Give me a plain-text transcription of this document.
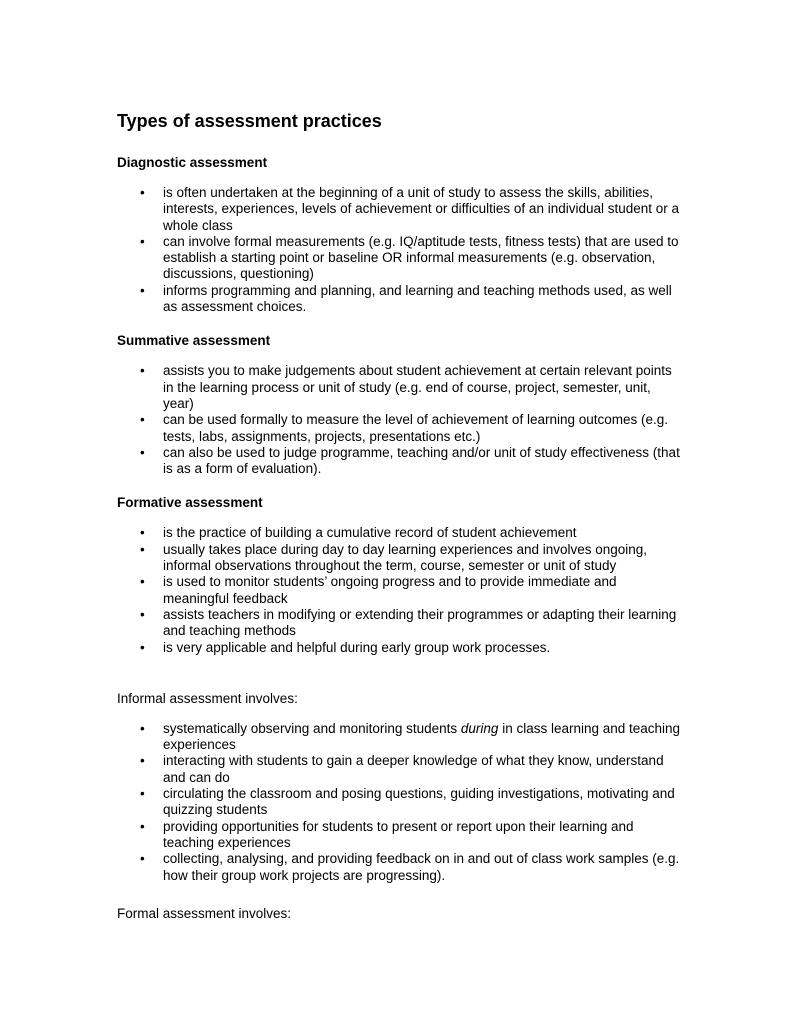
Types of assessment practices
Diagnostic assessment
• is often undertaken at the beginning of a unit of study to assess the skills, abilities, interests, experiences, levels of achievement or difficulties of an individual student or a whole class
• can involve formal measurements (e.g. IQ/aptitude tests, fitness tests) that are used to establish a starting point or baseline OR informal measurements (e.g. observation, discussions, questioning)
• informs programming and planning, and learning and teaching methods used, as well as assessment choices.
Summative assessment
• assists you to make judgements about student achievement at certain relevant points in the learning process or unit of study (e.g. end of course, project, semester, unit, year)
• can be used formally to measure the level of achievement of learning outcomes (e.g. tests, labs, assignments, projects, presentations etc.)
• can also be used to judge programme, teaching and/or unit of study effectiveness (that is as a form of evaluation).
Formative assessment
• is the practice of building a cumulative record of student achievement
• usually takes place during day to day learning experiences and involves ongoing, informal observations throughout the term, course, semester or unit of study
• is used to monitor students’ ongoing progress and to provide immediate and meaningful feedback
• assists teachers in modifying or extending their programmes or adapting their learning and teaching methods
• is very applicable and helpful during early group work processes.

Informal assessment involves:

• systematically observing and monitoring students during in class learning and teaching experiences
• interacting with students to gain a deeper knowledge of what they know, understand and can do
• circulating the classroom and posing questions, guiding investigations, motivating and quizzing students
• providing opportunities for students to present or report upon their learning and teaching experiences
• collecting, analysing, and providing feedback on in and out of class work samples (e.g. how their group work projects are progressing).

Formal assessment involves:
